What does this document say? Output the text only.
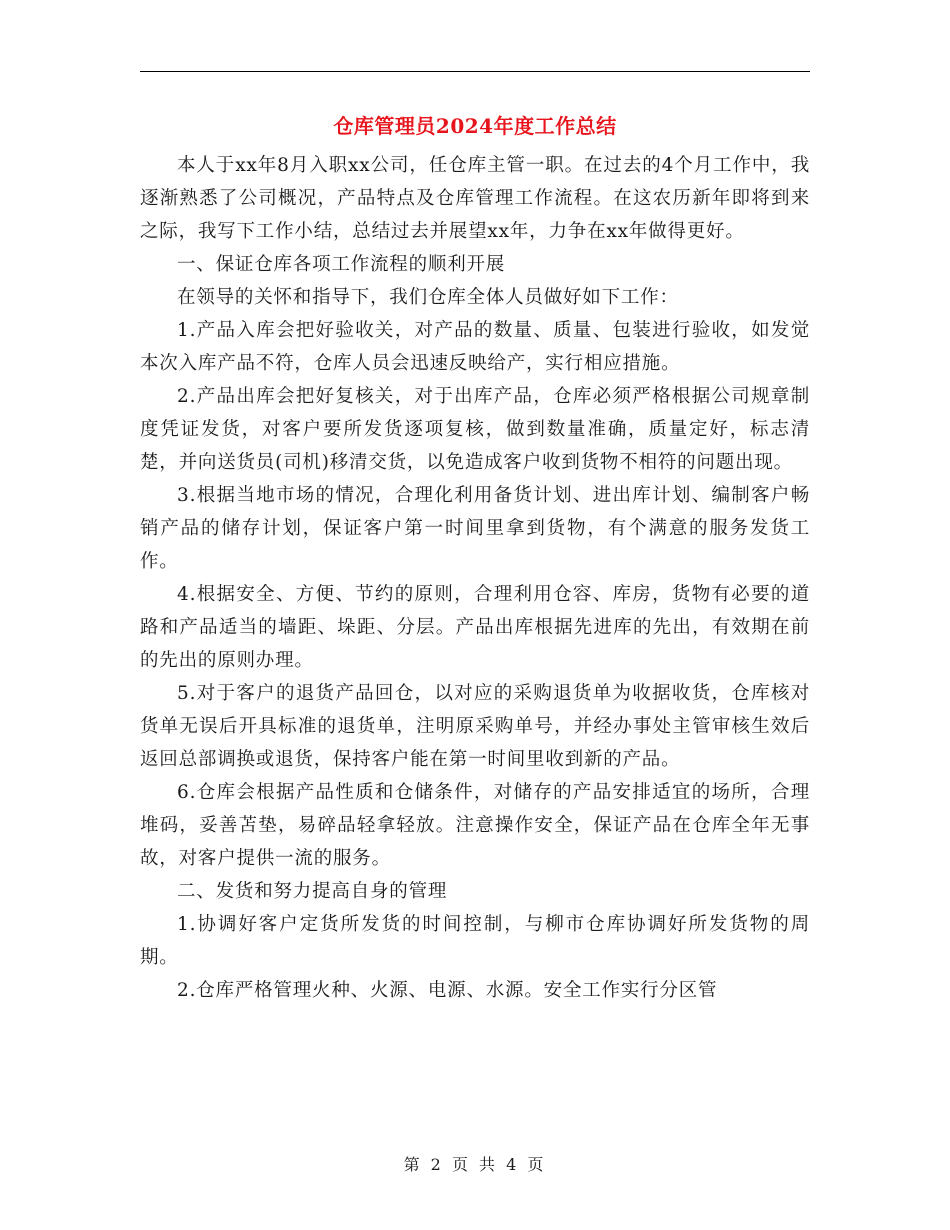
仓库管理员2024年度工作总结

本人于xx年8月入职xx公司，任仓库主管一职。在过去的4个月工作中，我逐渐熟悉了公司概况，产品特点及仓库管理工作流程。在这农历新年即将到来之际，我写下工作小结，总结过去并展望xx年，力争在xx年做得更好。

一、保证仓库各项工作流程的顺利开展

在领导的关怀和指导下，我们仓库全体人员做好如下工作：

1.产品入库会把好验收关，对产品的数量、质量、包装进行验收，如发觉本次入库产品不符，仓库人员会迅速反映给产，实行相应措施。

2.产品出库会把好复核关，对于出库产品，仓库必须严格根据公司规章制度凭证发货，对客户要所发货逐项复核，做到数量准确，质量定好，标志清楚，并向送货员(司机)移清交货，以免造成客户收到货物不相符的问题出现。

3.根据当地市场的情况，合理化利用备货计划、进出库计划、编制客户畅销产品的储存计划，保证客户第一时间里拿到货物，有个满意的服务发货工作。

4.根据安全、方便、节约的原则，合理利用仓容、库房，货物有必要的道路和产品适当的墙距、垛距、分层。产品出库根据先进库的先出，有效期在前的先出的原则办理。

5.对于客户的退货产品回仓，以对应的采购退货单为收据收货，仓库核对货单无误后开具标准的退货单，注明原采购单号，并经办事处主管审核生效后返回总部调换或退货，保持客户能在第一时间里收到新的产品。

6.仓库会根据产品性质和仓储条件，对储存的产品安排适宜的场所，合理堆码，妥善苫垫，易碎品轻拿轻放。注意操作安全，保证产品在仓库全年无事故，对客户提供一流的服务。

二、发货和努力提高自身的管理

1.协调好客户定货所发货的时间控制，与柳市仓库协调好所发货物的周期。

2.仓库严格管理火种、火源、电源、水源。安全工作实行分区管

第 2 页 共 4 页
